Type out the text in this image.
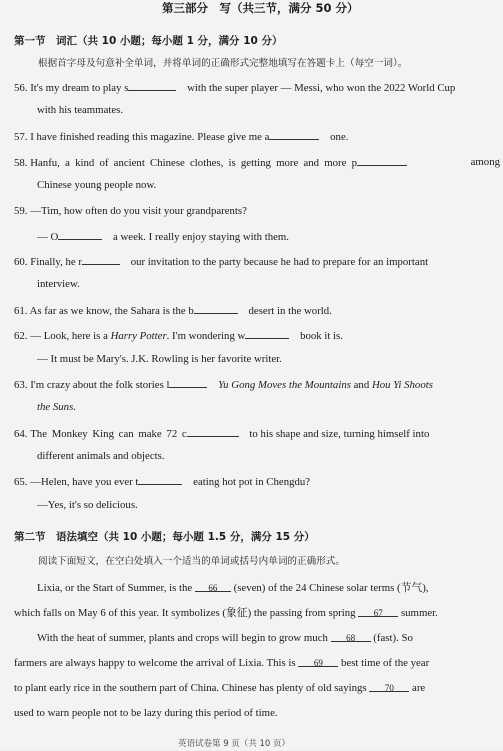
第三部分　写（共三节，满分 50 分）
第一节　词汇（共 10 小题；每小题 1 分，满分 10 分）
根据首字母及句意补全单词，并将单词的正确形式完整地填写在答题卡上（每空一词）。
56. It's my dream to play s	with the super player — Messi, who won the 2022 World Cup
with his teammates.
57. I have finished reading this magazine. Please give me a	one.
58. Hanfu, a kind of ancient Chinese clothes, is getting more and more p	among
Chinese young people now.
59. —Tim, how often do you visit your grandparents?
— O	a week. I really enjoy staying with them.
60. Finally, he r	our invitation to the party because he had to prepare for an important
interview.
61. As far as we know, the Sahara is the b	desert in the world.
62. — Look, here is a Harry Potter. I'm wondering w	book it is.
— It must be Mary's. J.K. Rowling is her favorite writer.
63. I'm crazy about the folk stories l	Yu Gong Moves the Mountains and Hou Yi Shoots
the Suns.
64. The Monkey King can make 72 c	to his shape and size, turning himself into
different animals and objects.
65. —Helen, have you ever t	eating hot pot in Chengdu?
—Yes, it's so delicious.
第二节　语法填空（共 10 小题；每小题 1.5 分，满分 15 分）
阅读下面短文，在空白处填入一个适当的单词或括号内单词的正确形式。
Lixia, or the Start of Summer, is the 66 (seven) of the 24 Chinese solar terms (节气),
which falls on May 6 of this year. It symbolizes (象征) the passing from spring 67 summer.
With the heat of summer, plants and crops will begin to grow much 68 (fast). So
farmers are always happy to welcome the arrival of Lixia. This is 69 best time of the year
to plant early rice in the southern part of China. Chinese has plenty of old sayings 70 are
used to warn people not to be lazy during this period of time.
英语试卷第 9 页（共 10 页）
